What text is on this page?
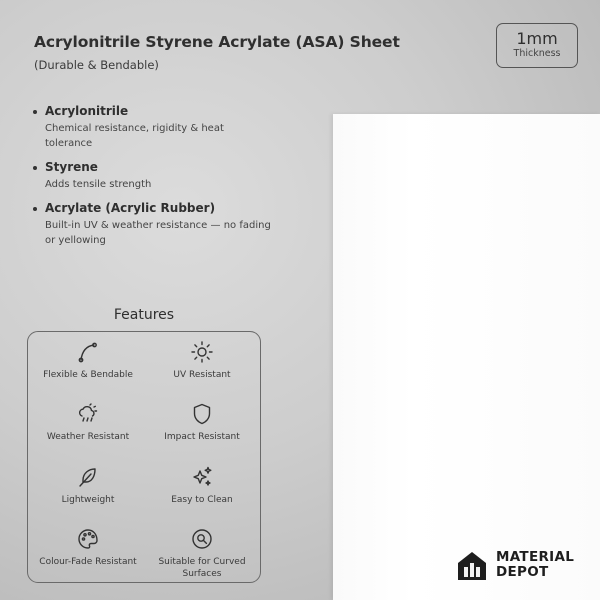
Acrylonitrile Styrene Acrylate (ASA) Sheet
(Durable & Bendable)
1mm
Thickness
Acrylonitrile
Chemical resistance, rigidity & heat tolerance
Styrene
Adds tensile strength
Acrylate (Acrylic Rubber)
Built-in UV & weather resistance — no fading or yellowing
Features
Flexible & Bendable	UV Resistant
Weather Resistant	Impact Resistant
Lightweight	Easy to Clean
Colour-Fade Resistant	Suitable for Curved Surfaces
MATERIAL
DEPOT
